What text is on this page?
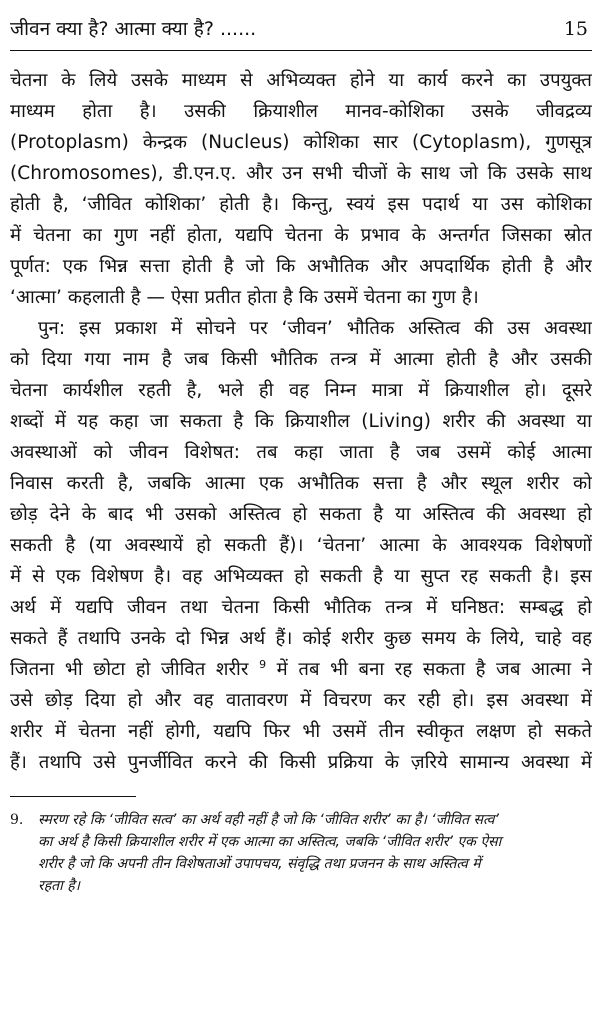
जीवन क्या है? आत्मा क्या है? ......	15
चेतना के लिये उसके माध्यम से अभिव्यक्त होने या कार्य करने का उपयुक्त
माध्यम होता है। उसकी क्रियाशील मानव-कोशिका उसके जीवद्रव्य
(Protoplasm) केन्द्रक (Nucleus) कोशिका सार (Cytoplasm), गुणसूत्र
(Chromosomes), डी.एन.ए. और उन सभी चीजों के साथ जो कि उसके साथ
होती है, ‘जीवित कोशिका’ होती है। किन्तु, स्वयं इस पदार्थ या उस कोशिका
में चेतना का गुण नहीं होता, यद्यपि चेतना के प्रभाव के अन्तर्गत जिसका स्रोत
पूर्णत: एक भिन्न सत्ता होती है जो कि अभौतिक और अपदार्थिक होती है और
‘आत्मा’ कहलाती है — ऐसा प्रतीत होता है कि उसमें चेतना का गुण है।
पुन: इस प्रकाश में सोचने पर ‘जीवन’ भौतिक अस्तित्व की उस अवस्था
को दिया गया नाम है जब किसी भौतिक तन्त्र में आत्मा होती है और उसकी
चेतना कार्यशील रहती है, भले ही वह निम्न मात्रा में क्रियाशील हो। दूसरे
शब्दों में यह कहा जा सकता है कि क्रियाशील (Living) शरीर की अवस्था या
अवस्थाओं को जीवन विशेषत: तब कहा जाता है जब उसमें कोई आत्मा
निवास करती है, जबकि आत्मा एक अभौतिक सत्ता है और स्थूल शरीर को
छोड़ देने के बाद भी उसको अस्तित्व हो सकता है या अस्तित्व की अवस्था हो
सकती है (या अवस्थायें हो सकती हैं)। ‘चेतना’ आत्मा के आवश्यक विशेषणों
में से एक विशेषण है। वह अभिव्यक्त हो सकती है या सुप्त रह सकती है। इस
अर्थ में यद्यपि जीवन तथा चेतना किसी भौतिक तन्त्र में घनिष्ठत: सम्बद्ध हो
सकते हैं तथापि उनके दो भिन्न अर्थ हैं। कोई शरीर कुछ समय के लिये, चाहे वह
जितना भी छोटा हो जीवित शरीर $^9$ में तब भी बना रह सकता है जब आत्मा ने
उसे छोड़ दिया हो और वह वातावरण में विचरण कर रही हो। इस अवस्था में
शरीर में चेतना नहीं होगी, यद्यपि फिर भी उसमें तीन स्वीकृत लक्षण हो सकते
हैं। तथापि उसे पुनर्जीवित करने की किसी प्रक्रिया के ज़रिये सामान्य अवस्था में
9.	स्मरण रहे कि ‘जीवित सत्व’ का अर्थ वही नहीं है जो कि ‘जीवित शरीर’ का है। ‘जीवित सत्व’
का अर्थ है किसी क्रियाशील शरीर में एक आत्मा का अस्तित्व, जबकि ‘जीवित शरीर’ एक ऐसा
शरीर है जो कि अपनी तीन विशेषताओं उपापचय, संवृद्धि तथा प्रजनन के साथ अस्तित्व में
रहता है।
